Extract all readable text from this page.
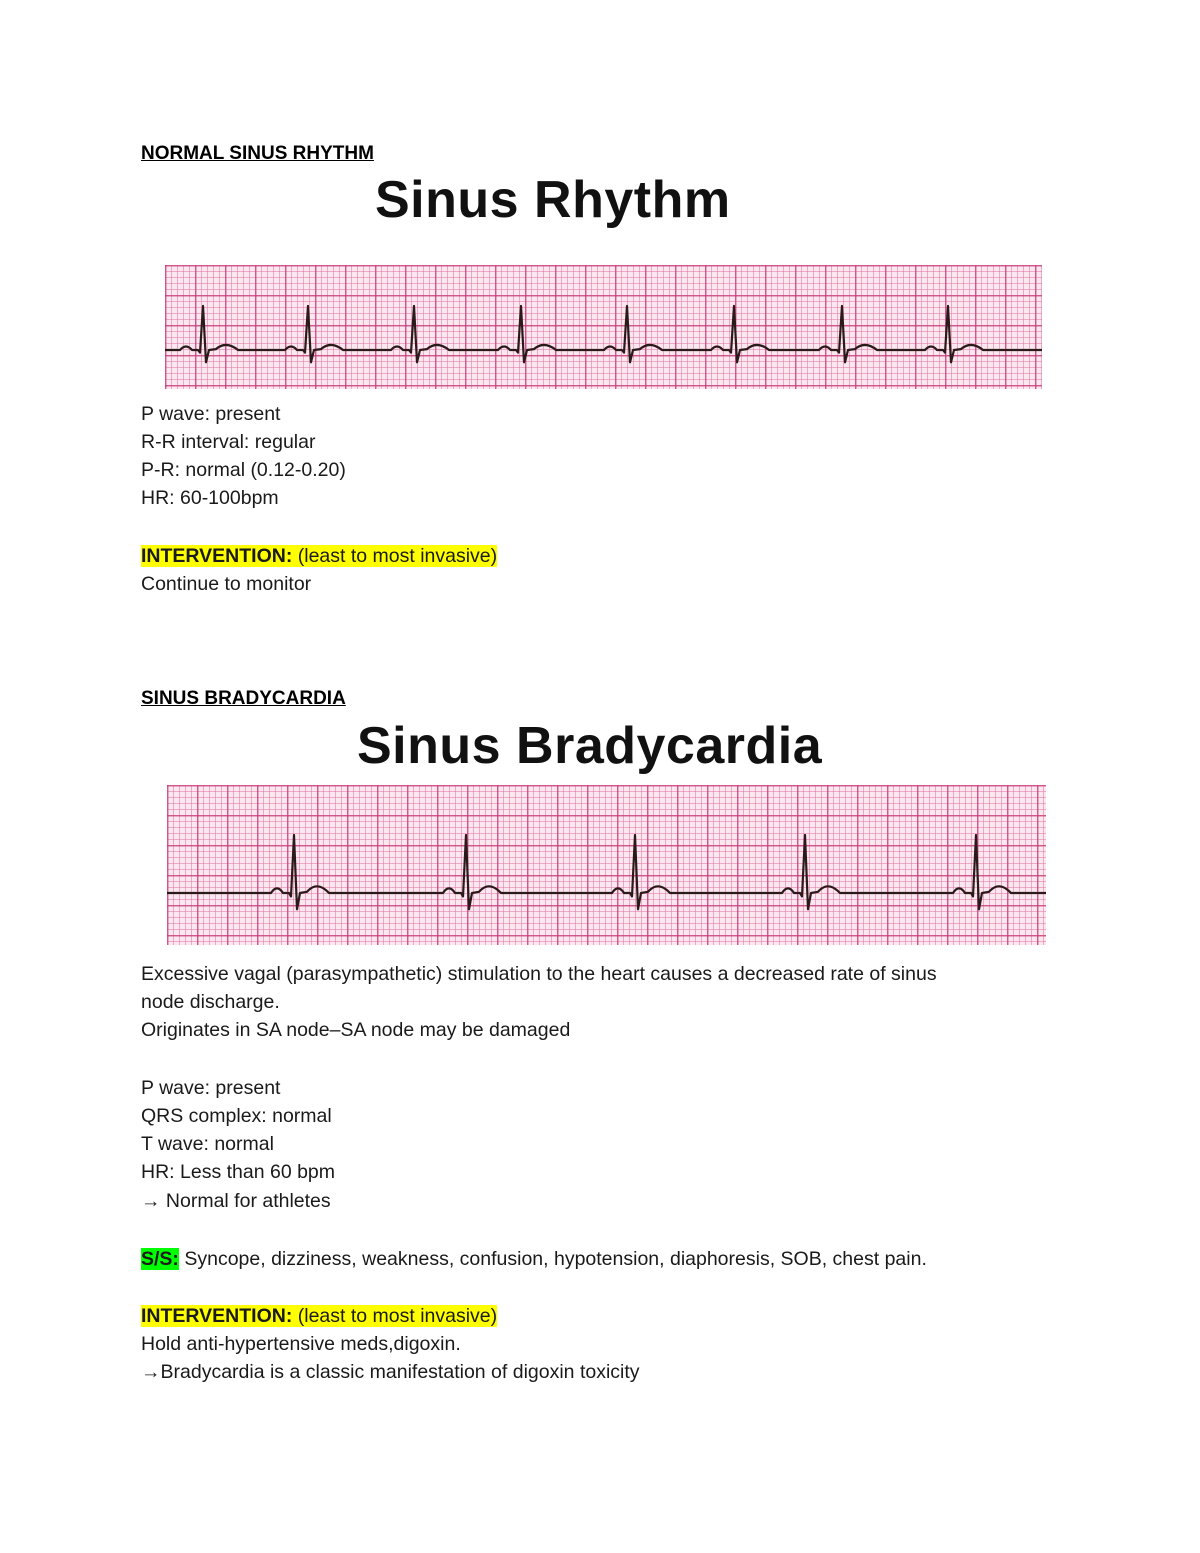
NORMAL SINUS RHYTHM
Sinus Rhythm
P wave: present
R-R interval: regular
P-R: normal (0.12-0.20)
HR: 60-100bpm
INTERVENTION: (least to most invasive)
Continue to monitor
SINUS BRADYCARDIA
Sinus Bradycardia
Excessive vagal (parasympathetic) stimulation to the heart causes a decreased rate of sinus
node discharge.
Originates in SA node–SA node may be damaged
P wave: present
QRS complex: normal
T wave: normal
HR: Less than 60 bpm
→ Normal for athletes
S/S: Syncope, dizziness, weakness, confusion, hypotension, diaphoresis, SOB, chest pain.
INTERVENTION: (least to most invasive)
Hold anti-hypertensive meds,digoxin.
→Bradycardia is a classic manifestation of digoxin toxicity
